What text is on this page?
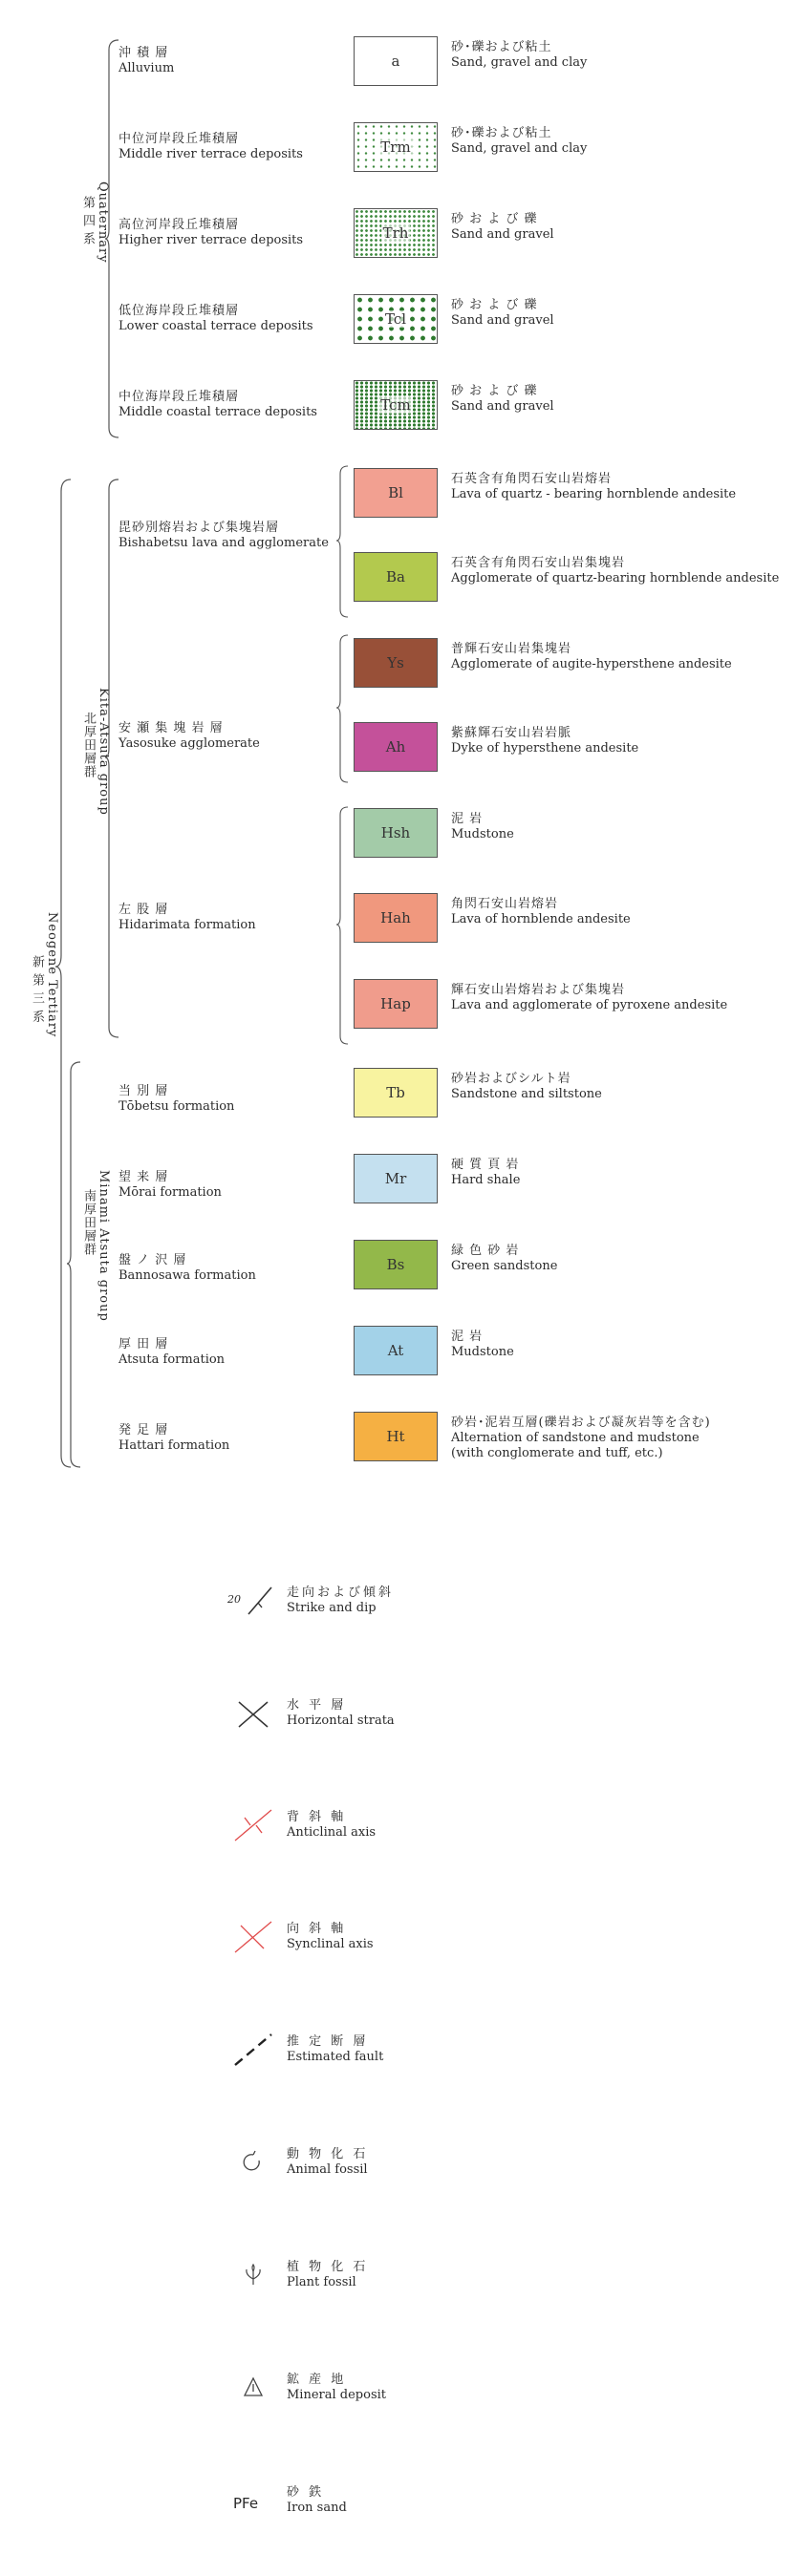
第 四 系 Quaternary
新 第 三 系 Neogene Tertiary
北厚田層群 Kita-Atsuta group
南厚田層群 Minami Atsuta group
沖 積 層
Alluvium
中位河岸段丘堆積層
Middle river terrace deposits
高位河岸段丘堆積層
Higher river terrace deposits
低位海岸段丘堆積層
Lower coastal terrace deposits
中位海岸段丘堆積層
Middle coastal terrace deposits
毘砂別熔岩および集塊岩層
Bishabetsu lava and agglomerate
安 瀬 集 塊 岩 層
Yasosuke agglomerate
左 股 層
Hidarimata formation
当 別 層
Tōbetsu formation
望 来 層
Mōrai formation
盤 ノ 沢 層
Bannosawa formation
厚 田 層
Atsuta formation
発 足 層
Hattari formation
a
砂･礫および粘土
Sand, gravel and clay
Trm
砂･礫および粘土
Sand, gravel and clay
Trh
砂 お よ び 礫
Sand and gravel
Tcl
砂 お よ び 礫
Sand and gravel
Tcm
砂 お よ び 礫
Sand and gravel
Bl
石英含有角閃石安山岩熔岩
Lava of quartz - bearing hornblende andesite
Ba
石英含有角閃石安山岩集塊岩
Agglomerate of quartz-bearing hornblende andesite
Ys
普輝石安山岩集塊岩
Agglomerate of augite-hypersthene andesite
Ah
紫蘇輝石安山岩岩脈
Dyke of hypersthene andesite
Hsh
泥 岩
Mudstone
Hah
角閃石安山岩熔岩
Lava of hornblende andesite
Hap
輝石安山岩熔岩および集塊岩
Lava and agglomerate of pyroxene andesite
Tb
砂岩およびシルト岩
Sandstone and siltstone
Mr
硬 質 頁 岩
Hard shale
Bs
緑 色 砂 岩
Green sandstone
At
泥 岩
Mudstone
Ht
砂岩･泥岩互層(礫岩および凝灰岩等を含む)
Alternation of sandstone and mudstone
(with conglomerate and tuff, etc.)
20	走向および傾斜
Strike and dip
水 平 層
Horizontal strata
背 斜 軸
Anticlinal axis
向 斜 軸
Synclinal axis
推 定 断 層
Estimated fault
動 物 化 石
Animal fossil
植 物 化 石
Plant fossil
鉱 産 地
Mineral deposit
PFe
砂 鉄
Iron sand
